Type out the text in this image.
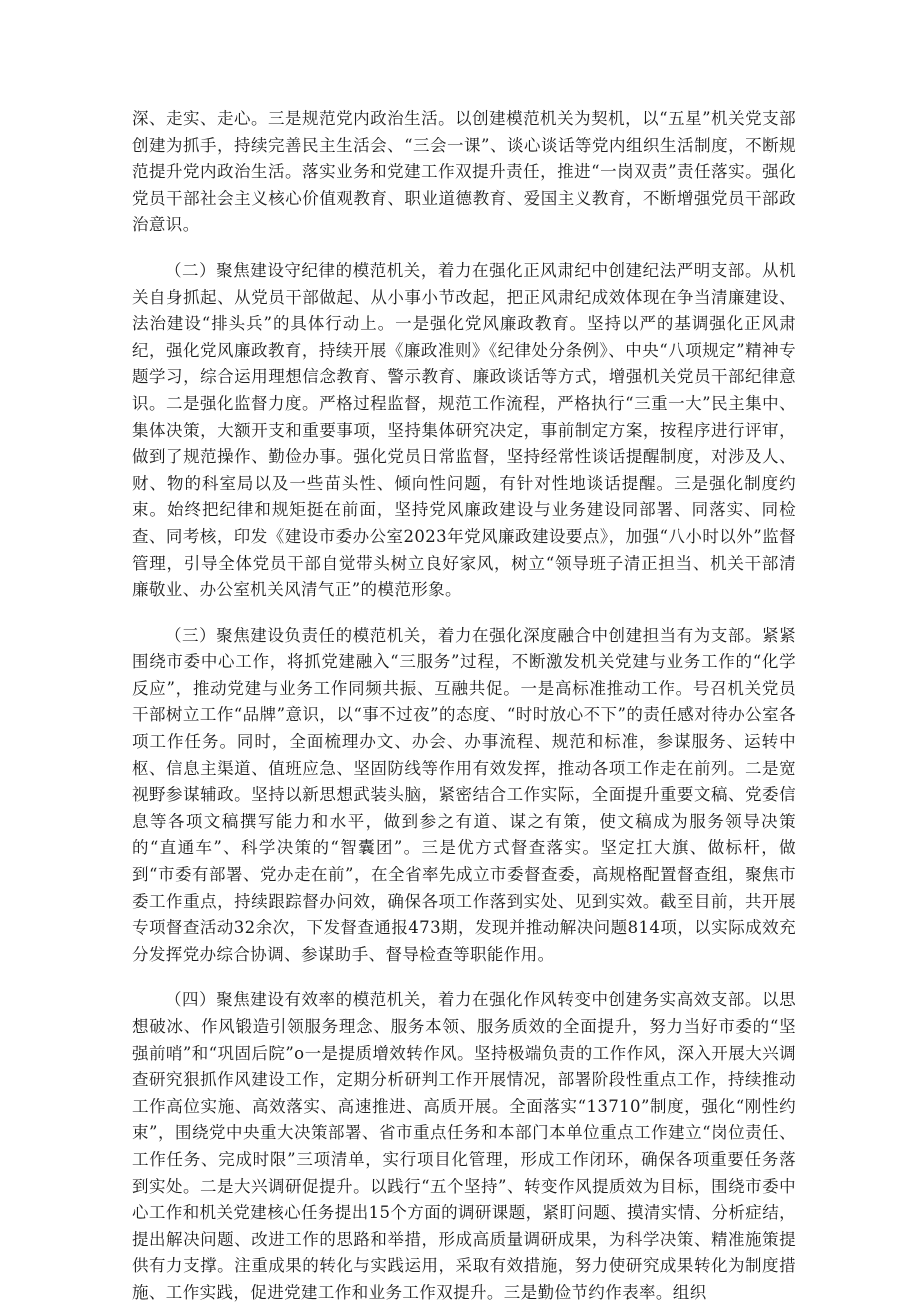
深、走实、走心。三是规范党内政治生活。以创建模范机关为契机，以“五星”机关党支部创建为抓手，持续完善民主生活会、“三会一课”、谈心谈话等党内组织生活制度，不断规范提升党内政治生活。落实业务和党建工作双提升责任，推进“一岗双责”责任落实。强化党员干部社会主义核心价值观教育、职业道德教育、爱国主义教育，不断增强党员干部政治意识。

（二）聚焦建设守纪律的模范机关，着力在强化正风肃纪中创建纪法严明支部。从机关自身抓起、从党员干部做起、从小事小节改起，把正风肃纪成效体现在争当清廉建设、法治建设“排头兵”的具体行动上。一是强化党风廉政教育。坚持以严的基调强化正风肃纪，强化党风廉政教育，持续开展《廉政准则》《纪律处分条例》、中央“八项规定”精神专题学习，综合运用理想信念教育、警示教育、廉政谈话等方式，增强机关党员干部纪律意识。二是强化监督力度。严格过程监督，规范工作流程，严格执行“三重一大”民主集中、集体决策，大额开支和重要事项，坚持集体研究决定，事前制定方案，按程序进行评审，做到了规范操作、勤俭办事。强化党员日常监督，坚持经常性谈话提醒制度，对涉及人、财、物的科室局以及一些苗头性、倾向性问题，有针对性地谈话提醒。三是强化制度约束。始终把纪律和规矩挺在前面，坚持党风廉政建设与业务建设同部署、同落实、同检查、同考核，印发《建设市委办公室2023年党风廉政建设要点》，加强“八小时以外”监督管理，引导全体党员干部自觉带头树立良好家风，树立“领导班子清正担当、机关干部清廉敬业、办公室机关风清气正”的模范形象。

（三）聚焦建设负责任的模范机关，着力在强化深度融合中创建担当有为支部。紧紧围绕市委中心工作，将抓党建融入“三服务”过程，不断激发机关党建与业务工作的“化学反应”，推动党建与业务工作同频共振、互融共促。一是高标准推动工作。号召机关党员干部树立工作“品牌”意识，以“事不过夜”的态度、“时时放心不下”的责任感对待办公室各项工作任务。同时，全面梳理办文、办会、办事流程、规范和标准，参谋服务、运转中枢、信息主渠道、值班应急、坚固防线等作用有效发挥，推动各项工作走在前列。二是宽视野参谋辅政。坚持以新思想武装头脑，紧密结合工作实际，全面提升重要文稿、党委信息等各项文稿撰写能力和水平，做到参之有道、谋之有策，使文稿成为服务领导决策的“直通车”、科学决策的“智囊团”。三是优方式督查落实。坚定扛大旗、做标杆，做到“市委有部署、党办走在前”，在全省率先成立市委督查委，高规格配置督查组，聚焦市委工作重点，持续跟踪督办问效，确保各项工作落到实处、见到实效。截至目前，共开展专项督查活动32余次，下发督查通报473期，发现并推动解决问题814项，以实际成效充分发挥党办综合协调、参谋助手、督导检查等职能作用。

（四）聚焦建设有效率的模范机关，着力在强化作风转变中创建务实高效支部。以思想破冰、作风锻造引领服务理念、服务本领、服务质效的全面提升，努力当好市委的“坚强前哨”和“巩固后院”o一是提质增效转作风。坚持极端负责的工作作风，深入开展大兴调查研究狠抓作风建设工作，定期分析研判工作开展情况，部署阶段性重点工作，持续推动工作高位实施、高效落实、高速推进、高质开展。全面落实“13710”制度，强化“刚性约束”，围绕党中央重大决策部署、省市重点任务和本部门本单位重点工作建立“岗位责任、工作任务、完成时限”三项清单，实行项目化管理，形成工作闭环，确保各项重要任务落到实处。二是大兴调研促提升。以践行“五个坚持”、转变作风提质效为目标，围绕市委中心工作和机关党建核心任务提出15个方面的调研课题，紧盯问题、摸清实情、分析症结，提出解决问题、改进工作的思路和举措，形成高质量调研成果，为科学决策、精准施策提供有力支撑。注重成果的转化与实践运用，采取有效措施，努力使研究成果转化为制度措施、工作实践，促进党建工作和业务工作双提升。三是勤俭节约作表率。组织
